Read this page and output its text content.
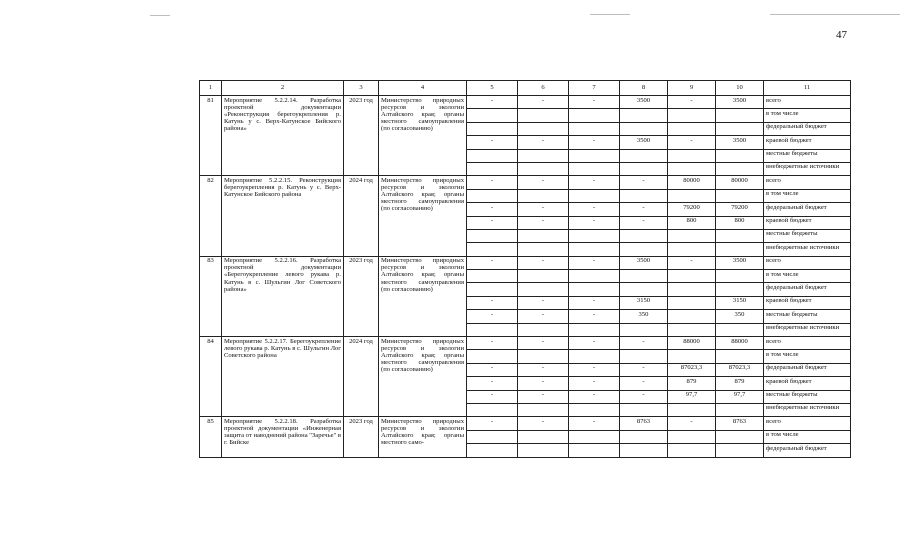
47
1	2	3	4	5	6	7	8	9	10	11
81	Мероприятие 5.2.2.14. Разработка проектной документации «Реконструкция берегоукрепления р. Катунь у с. Верх-Катунское Бийского района»	2023 год	Министерство природных ресурсов и экологии Алтайского края; органы местного самоуправления (по согласованию)	-	-	-	3500	-	3500	всего
										в том числе
										федеральный бюджет
				-	-	-	3500	-	3500	краевой бюджет
										местные бюджеты
										внебюджетные источники
82	Мероприятие 5.2.2.15. Реконструкция берегоукрепления р. Катунь у с. Верх-Катунское Бийского района	2024 год	Министерство природных ресурсов и экологии Алтайского края; органы местного самоуправления (по согласованию)	-	-	-	-	80000	80000	всего
										в том числе
				-	-	-	-	79200	79200	федеральный бюджет
				-	-	-	-	800	800	краевой бюджет
										местные бюджеты
										внебюджетные источники
83	Мероприятие 5.2.2.16. Разработка проектной документации «Берегоукрепление левого рукава р. Катунь в с. Шульгин Лог Советского района»	2023 год	Министерство природных ресурсов и экологии Алтайского края; органы местного самоуправления (по согласованию)	-	-	-	3500	-	3500	всего
										в том числе
										федеральный бюджет
				-	-	-	3150		3150	краевой бюджет
				-	-	-	350		350	местные бюджеты
										внебюджетные источники
84	Мероприятие 5.2.2.17. Берегоукрепление левого рукава р. Катунь в с. Шульгин Лог Советского района	2024 год	Министерство природных ресурсов и экологии Алтайского края; органы местного самоуправления (по согласованию)	-	-	-	-	88000	88000	всего
										в том числе
				-	-	-	-	87023,3	87023,3	федеральный бюджет
				-	-	-	-	879	879	краевой бюджет
				-	-	-	-	97,7	97,7	местные бюджеты
										внебюджетные источники
85	Мероприятие 5.2.2.18. Разработка проектной документации «Инженерная защита от наводнений района "Заречье" в г. Бийске	2023 год	Министерство природных ресурсов и экологии Алтайского края; органы местного само-	-	-	-	8763	-	8763	всего
										в том числе
										федеральный бюджет
